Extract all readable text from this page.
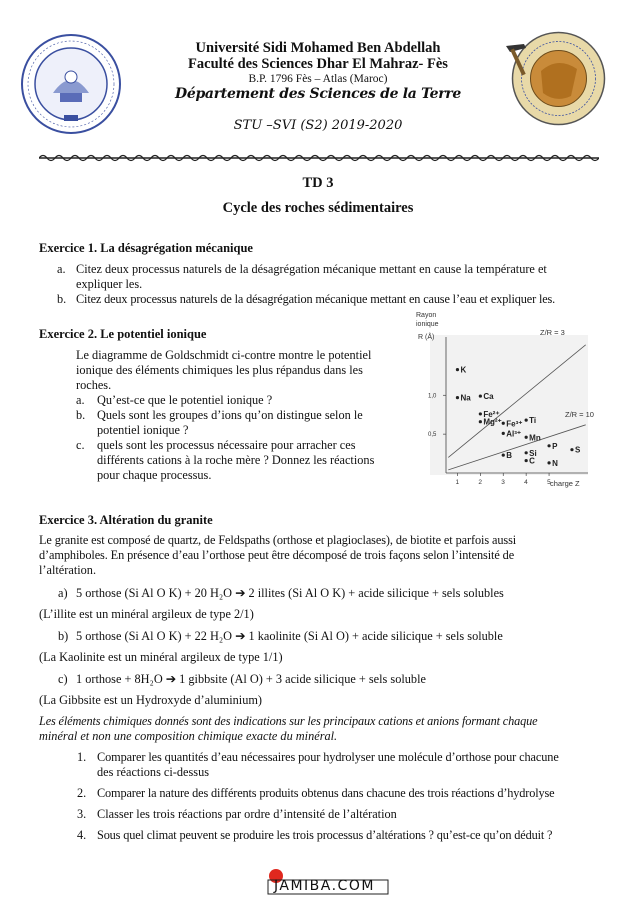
Université Sidi Mohamed Ben Abdellah
Faculté des Sciences Dhar El Mahraz- Fès
B.P. 1796 Fès – Atlas (Maroc)
Département des Sciences de la Terre
STU –SVI (S2) 2019-2020
TD 3
Cycle des roches sédimentaires
Exercice 1. La désagrégation mécanique
a. Citez deux processus naturels de la désagrégation mécanique mettant en cause la température et
expliquer les.
b. Citez deux processus naturels de la désagrégation mécanique mettant en cause l’eau et expliquer les.
Exercice 2. Le potentiel ionique
Le diagramme de Goldschmidt ci-contre montre le potentiel
ionique des éléments chimiques les plus répandus dans les
roches.
a. Qu’est-ce que le potentiel ionique ?
b. Quels sont les groupes d’ions qu’on distingue selon le
potentiel ionique ?
c. quels sont les processus nécessaire pour arracher ces
différents cations à la roche mère ? Donnez les réactions
pour chaque processus.
Rayon
ionique
R (Å)
charge Z
Z/R = 3
Z/R = 10
1	2	3	4	5
1,0
0,5
K
Na Ca
Fe²⁺
Mg²⁺ Fe³⁺ Ti
Al³⁺ Mn
Si
P S
B
C N
Exercice 3. Altération du granite
Le granite est composé de quartz, de Feldspaths (orthose et plagioclases), de biotite et parfois aussi
d’amphiboles. En présence d’eau l’orthose peut être décomposé de trois façons selon l’intensité de
l’altération.
a) 5 orthose (Si Al O K) + 20 H₂O ➔ 2 illites (Si Al O K) + acide silicique + sels solubles
(L’illite est un minéral argileux de type 2/1)
b) 5 orthose (Si Al O K) + 22 H₂O ➔ 1 kaolinite (Si Al O) + acide silicique + sels soluble
(La Kaolinite est un minéral argileux de type 1/1)
c) 1 orthose + 8H₂O ➔ 1 gibbsite (Al O) + 3 acide silicique + sels soluble
(La Gibbsite est un Hydroxyde d’aluminium)
Les éléments chimiques donnés sont des indications sur les principaux cations et anions formant chaque
minéral et non une composition chimique exacte du minéral.
1. Comparer les quantités d’eau nécessaires pour hydrolyser une molécule d’orthose pour chacune
des réactions ci-dessus
2. Comparer la nature des différents produits obtenus dans chacune des trois réactions d’hydrolyse
3. Classer les trois réactions par ordre d’intensité de l’altération
4. Sous quel climat peuvent se produire les trois processus d’altérations ? qu’est-ce qu’on déduit ?
JAMIBA.COM
